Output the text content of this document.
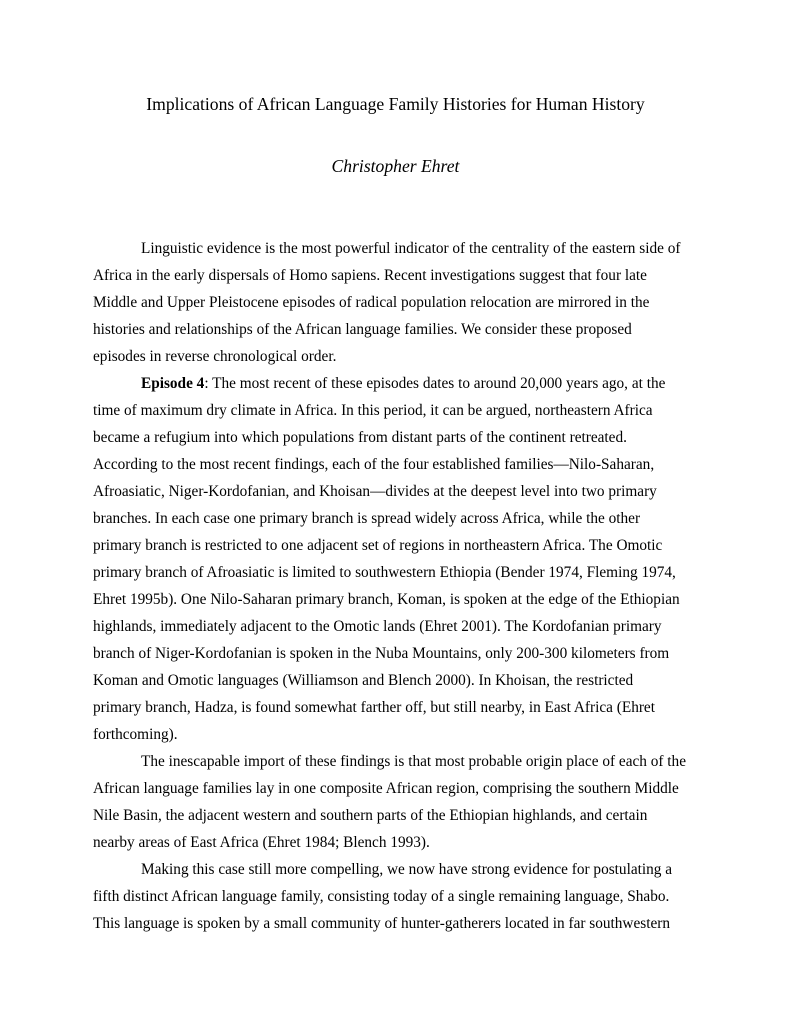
Implications of African Language Family Histories for Human History
Christopher Ehret
Linguistic evidence is the most powerful indicator of the centrality of the eastern side of
Africa in the early dispersals of Homo sapiens. Recent investigations suggest that four late
Middle and Upper Pleistocene episodes of radical population relocation are mirrored in the
histories and relationships of the African language families. We consider these proposed
episodes in reverse chronological order.
Episode 4: The most recent of these episodes dates to around 20,000 years ago, at the
time of maximum dry climate in Africa. In this period, it can be argued, northeastern Africa
became a refugium into which populations from distant parts of the continent retreated.
According to the most recent findings, each of the four established families—Nilo-Saharan,
Afroasiatic, Niger-Kordofanian, and Khoisan—divides at the deepest level into two primary
branches. In each case one primary branch is spread widely across Africa, while the other
primary branch is restricted to one adjacent set of regions in northeastern Africa. The Omotic
primary branch of Afroasiatic is limited to southwestern Ethiopia (Bender 1974, Fleming 1974,
Ehret 1995b). One Nilo-Saharan primary branch, Koman, is spoken at the edge of the Ethiopian
highlands, immediately adjacent to the Omotic lands (Ehret 2001). The Kordofanian primary
branch of Niger-Kordofanian is spoken in the Nuba Mountains, only 200-300 kilometers from
Koman and Omotic languages (Williamson and Blench 2000). In Khoisan, the restricted
primary branch, Hadza, is found somewhat farther off, but still nearby, in East Africa (Ehret
forthcoming).
The inescapable import of these findings is that most probable origin place of each of the
African language families lay in one composite African region, comprising the southern Middle
Nile Basin, the adjacent western and southern parts of the Ethiopian highlands, and certain
nearby areas of East Africa (Ehret 1984; Blench 1993).
Making this case still more compelling, we now have strong evidence for postulating a
fifth distinct African language family, consisting today of a single remaining language, Shabo.
This language is spoken by a small community of hunter-gatherers located in far southwestern
